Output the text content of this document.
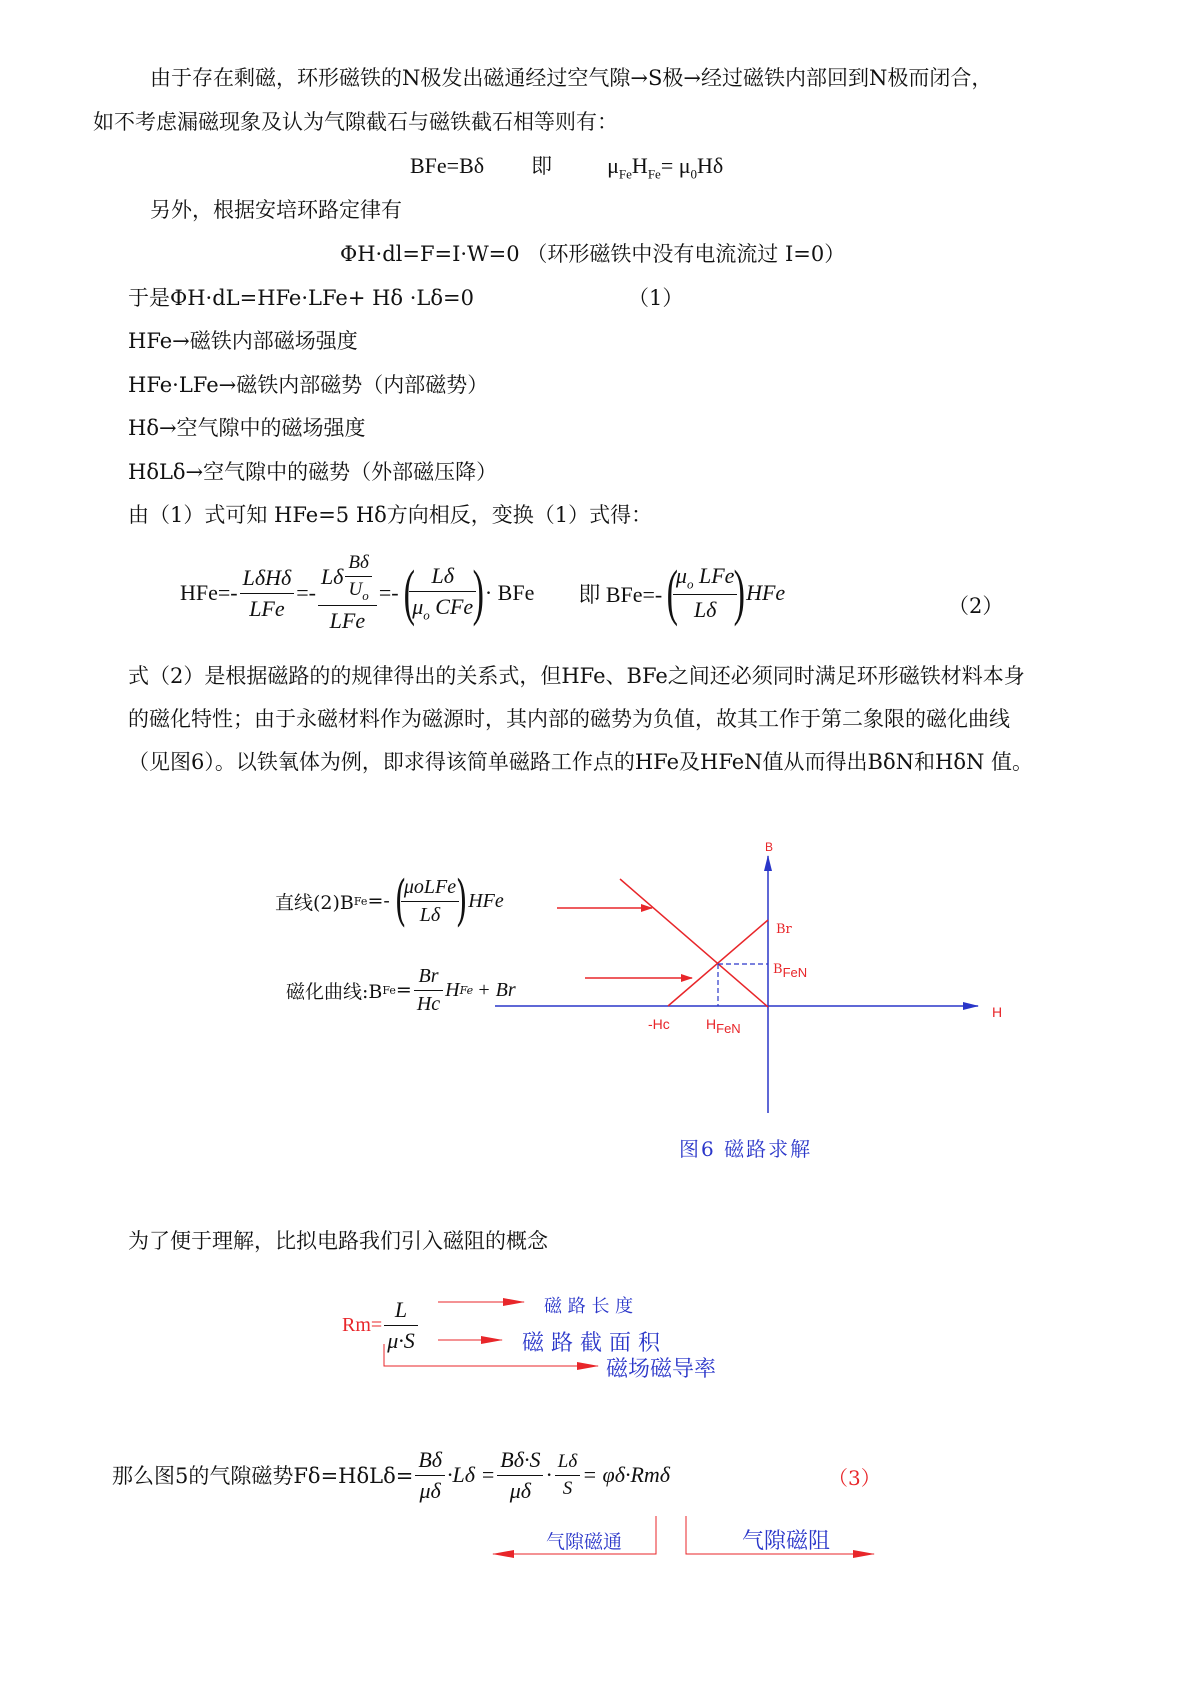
由于存在剩磁，环形磁铁的N极发出磁通经过空气隙→S极→经过磁铁内部回到N极而闭合，
如不考虑漏磁现象及认为气隙截石与磁铁截石相等则有：
BFe=Bδ 即	$\mu_{Fe}H_{Fe}= \mu_0H\delta$
另外，根据安培环路定律有
ΦH·dl=F=I·W=0 （环形磁铁中没有电流流过 I=0）
于是ΦH·dL=HFe·LFe+ Hδ ·Lδ=0	（1）
HFe→磁铁内部磁场强度
HFe·LFe→磁铁内部磁势（内部磁势）
Hδ→空气隙中的磁场强度
HδLδ→空气隙中的磁势（外部磁压降）
由（1）式可知 HFe=5 Hδ方向相反，变换（1）式得：
$HFe=- \frac{\text{LδHδ}}{\text{LFe}} =- \frac{L\delta \frac{B\delta}{U_o}}{\text{LFe}}$ =- (
$\frac{L\delta}{\mu_o CFe}$
) · BFe 即 BFe=- (
$\frac{\mu_o LFe}{L\delta}$
) HFe
（2）
式（2）是根据磁路的的规律得出的关系式，但HFe、BFe之间还必须同时满足环形磁铁材料本身
的磁化特性；由于永磁材料作为磁源时，其内部的磁势为负值，故其工作于第二象限的磁化曲线
（见图6）。以铁氧体为例，即求得该简单磁路工作点的HFe及HFeN值从而得出BδN和HδN 值。
B
H
Br
BFeN
-Hc	HFeN
直线(2)B Fe =- (
$\frac{\text{μoLFe}}{L\delta}$
) HFe
磁化曲线:B $Fe = \frac{Br}{Hc}$ H Fe + Br
图6 磁路求解
为了便于理解，比拟电路我们引入磁阻的概念
$Rm= \frac{L}{\mu\cdot S}$	磁 路 长 度
磁 路 截 面 积
磁场磁导率
那么图5的气隙磁势$F\delta=H\delta L\delta= \frac{B\delta}{\mu\delta} \cdot L\delta = \frac{B\delta\cdot S}{\mu\delta} \cdot \frac{L\delta}{S} = \varphi\delta\cdot Rm\delta$	（3）
气隙磁通	气隙磁阻
